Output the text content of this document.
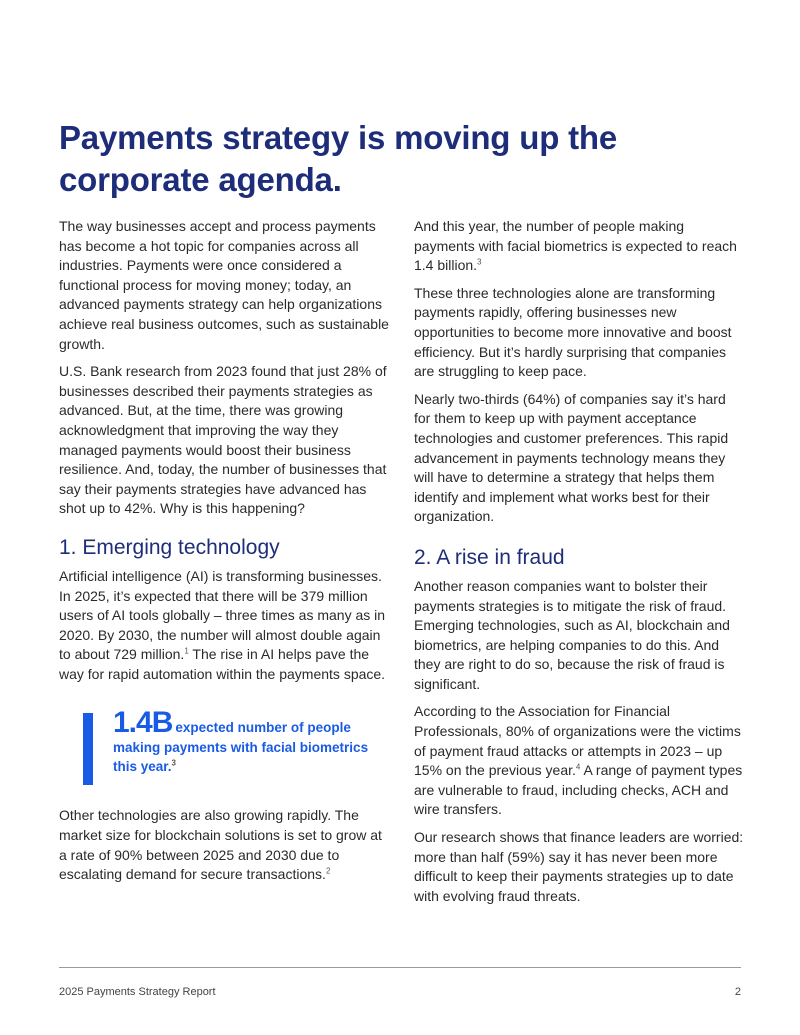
Payments strategy is moving up the corporate agenda.

The way businesses accept and process payments has become a hot topic for companies across all industries. Payments were once considered a functional process for moving money; today, an advanced payments strategy can help organizations achieve real business outcomes, such as sustainable growth.

U.S. Bank research from 2023 found that just 28% of businesses described their payments strategies as advanced. But, at the time, there was growing acknowledgment that improving the way they managed payments would boost their business resilience. And, today, the number of businesses that say their payments strategies have advanced has shot up to 42%. Why is this happening?

1. Emerging technology

Artificial intelligence (AI) is transforming businesses. In 2025, it’s expected that there will be 379 million users of AI tools globally – three times as many as in 2020. By 2030, the number will almost double again to about 729 million.$^1$ The rise in AI helps pave the way for rapid automation within the payments space.

1.4B expected number of people making payments with facial biometrics this year.$^3$

Other technologies are also growing rapidly. The market size for blockchain solutions is set to grow at a rate of 90% between 2025 and 2030 due to escalating demand for secure transactions.$^2$

And this year, the number of people making payments with facial biometrics is expected to reach 1.4 billion.$^3$

These three technologies alone are transforming payments rapidly, offering businesses new opportunities to become more innovative and boost efficiency. But it’s hardly surprising that companies are struggling to keep pace.

Nearly two-thirds (64%) of companies say it’s hard for them to keep up with payment acceptance technologies and customer preferences. This rapid advancement in payments technology means they will have to determine a strategy that helps them identify and implement what works best for their organization.

2. A rise in fraud

Another reason companies want to bolster their payments strategies is to mitigate the risk of fraud. Emerging technologies, such as AI, blockchain and biometrics, are helping companies to do this. And they are right to do so, because the risk of fraud is significant.

According to the Association for Financial Professionals, 80% of organizations were the victims of payment fraud attacks or attempts in 2023 – up 15% on the previous year.$^4$ A range of payment types are vulnerable to fraud, including checks, ACH and wire transfers.

Our research shows that finance leaders are worried: more than half (59%) say it has never been more difficult to keep their payments strategies up to date with evolving fraud threats.

2025 Payments Strategy Report	2
